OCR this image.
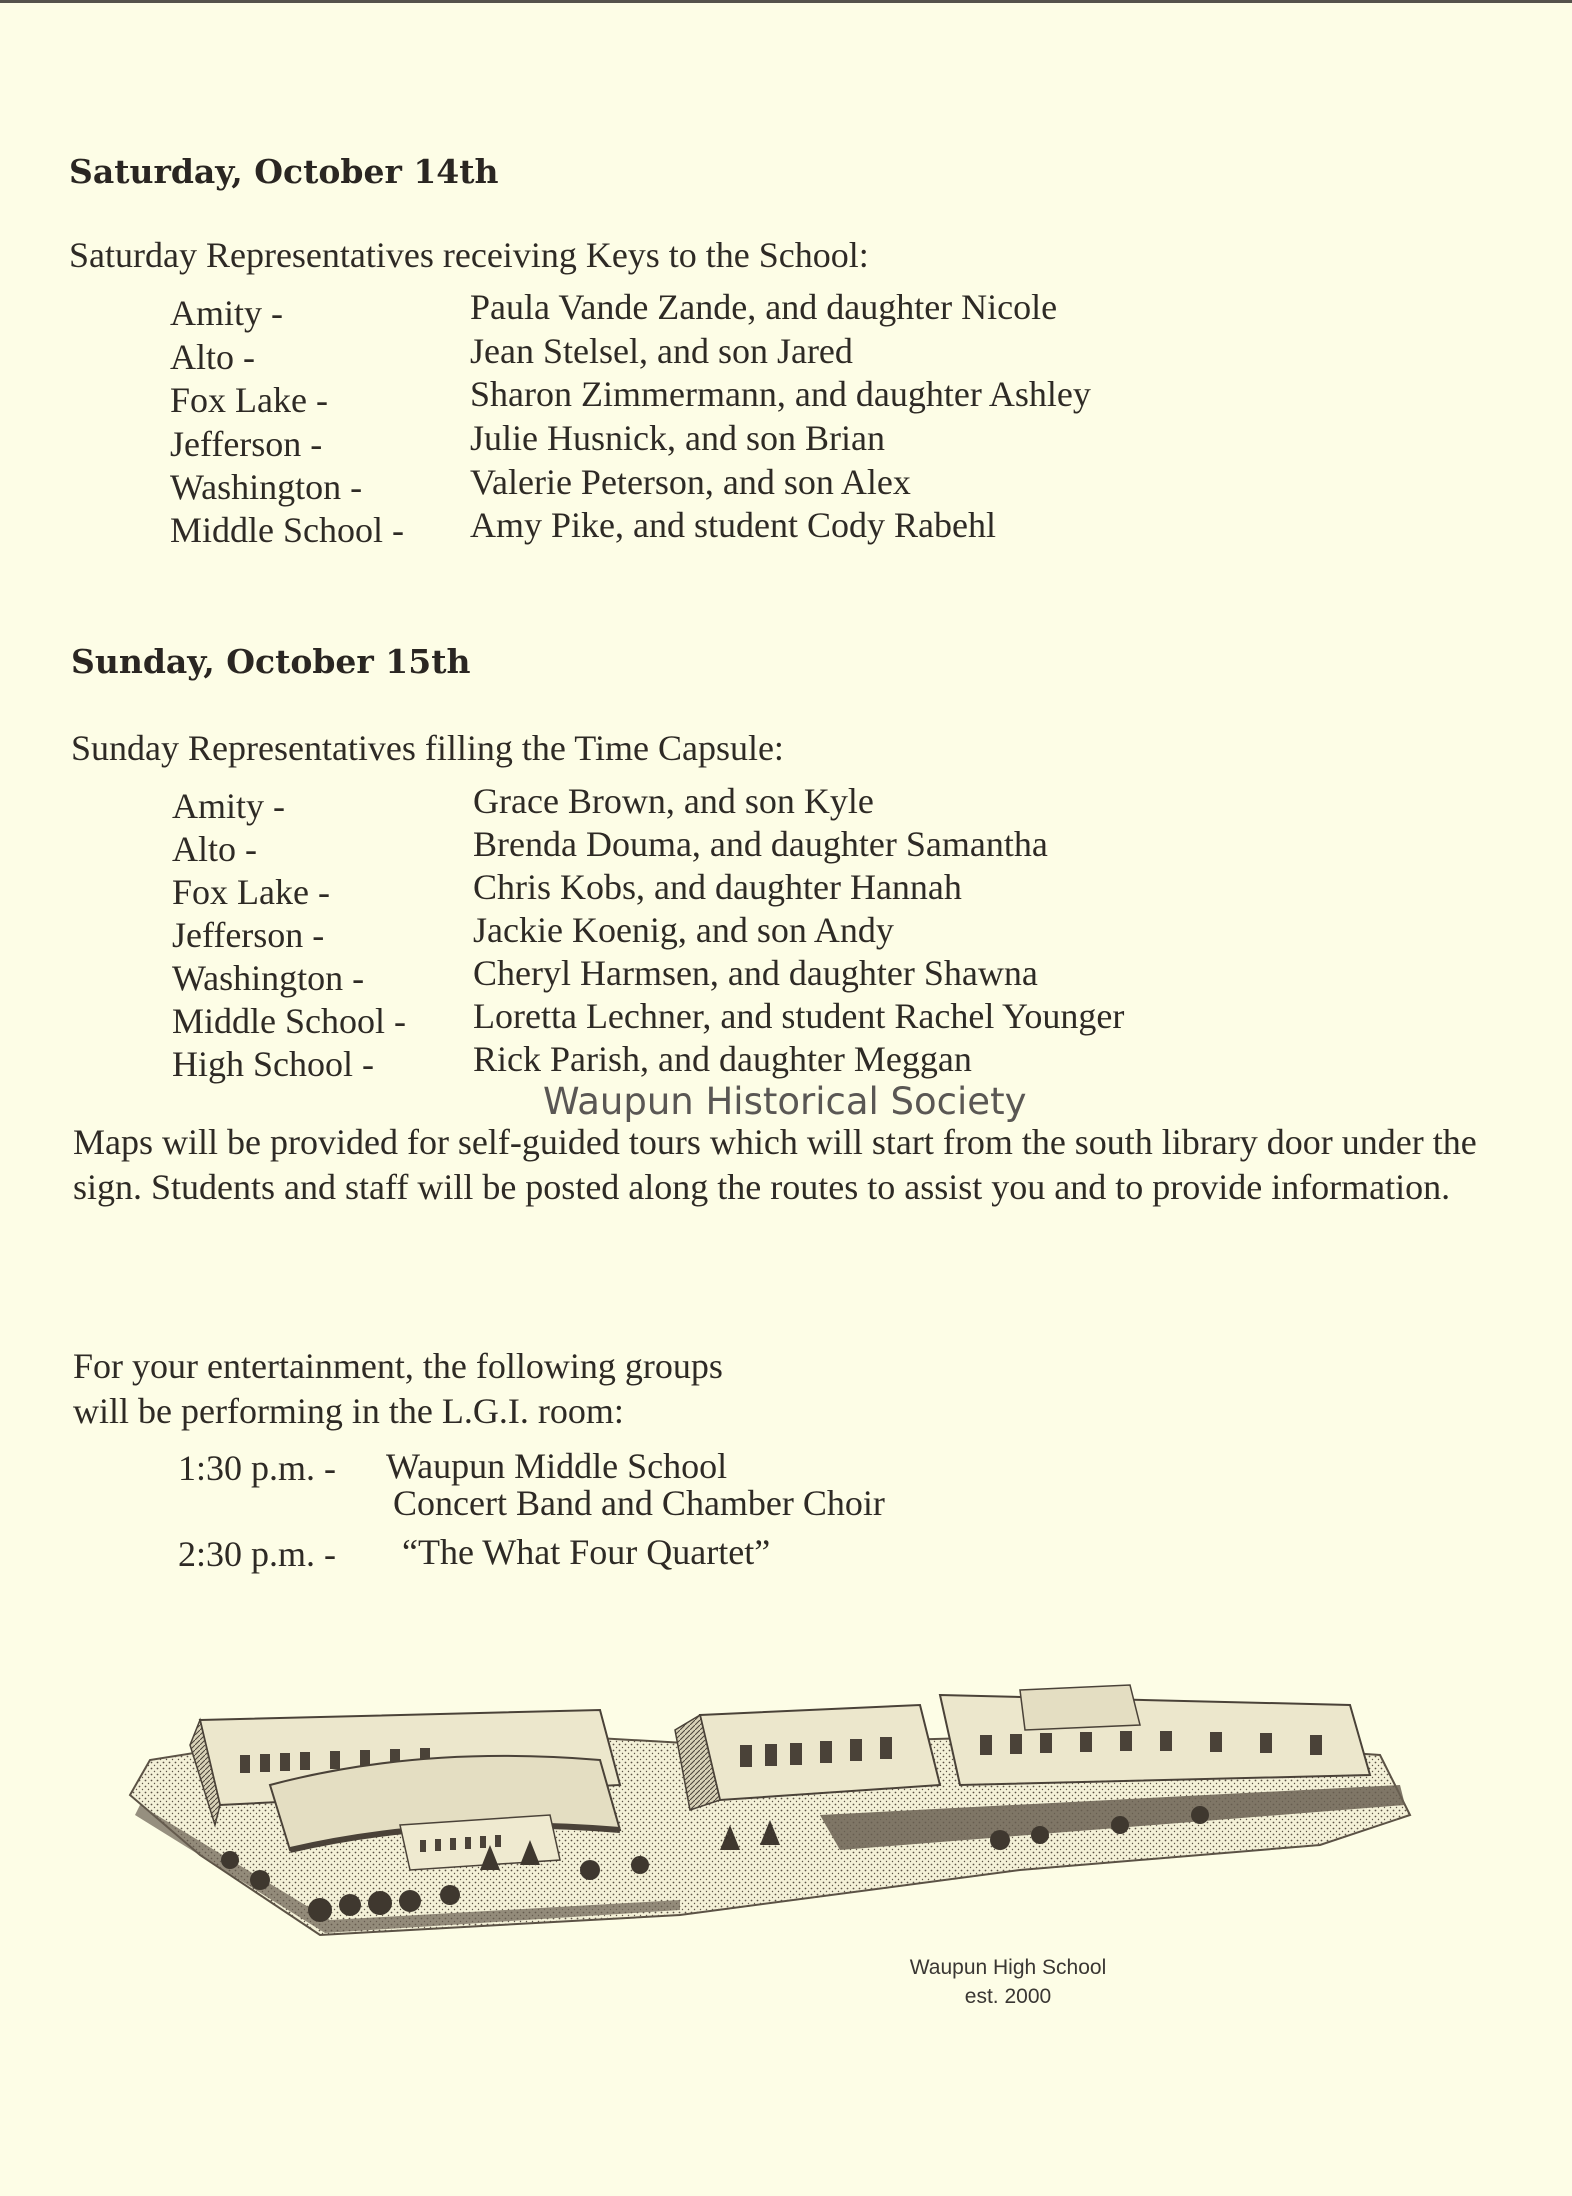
Saturday, October 14th
Saturday Representatives receiving Keys to the School:
Amity -	Paula Vande Zande, and daughter Nicole
Alto -	Jean Stelsel, and son Jared
Fox Lake -	Sharon Zimmermann, and daughter Ashley
Jefferson -	Julie Husnick, and son Brian
Washington -	Valerie Peterson, and son Alex
Middle School - Amy Pike, and student Cody Rabehl
Sunday, October 15th
Sunday Representatives filling the Time Capsule:
Amity -	Grace Brown, and son Kyle
Alto -	Brenda Douma, and daughter Samantha
Fox Lake -	Chris Kobs, and daughter Hannah
Jefferson -	Jackie Koenig, and son Andy
Washington -	Cheryl Harmsen, and daughter Shawna
Middle School - Loretta Lechner, and student Rachel Younger
High School -	Rick Parish, and daughter Meggan
Waupun Historical Society
Maps will be provided for self-guided tours which will start from the south library door under the sign. Students and staff will be posted along the routes to assist you and to provide information.
For your entertainment, the following groups
will be performing in the L.G.I. room:
1:30 p.m. - Waupun Middle School
Concert Band and Chamber Choir
2:30 p.m. - “The What Four Quartet”
Waupun High School
est. 2000
